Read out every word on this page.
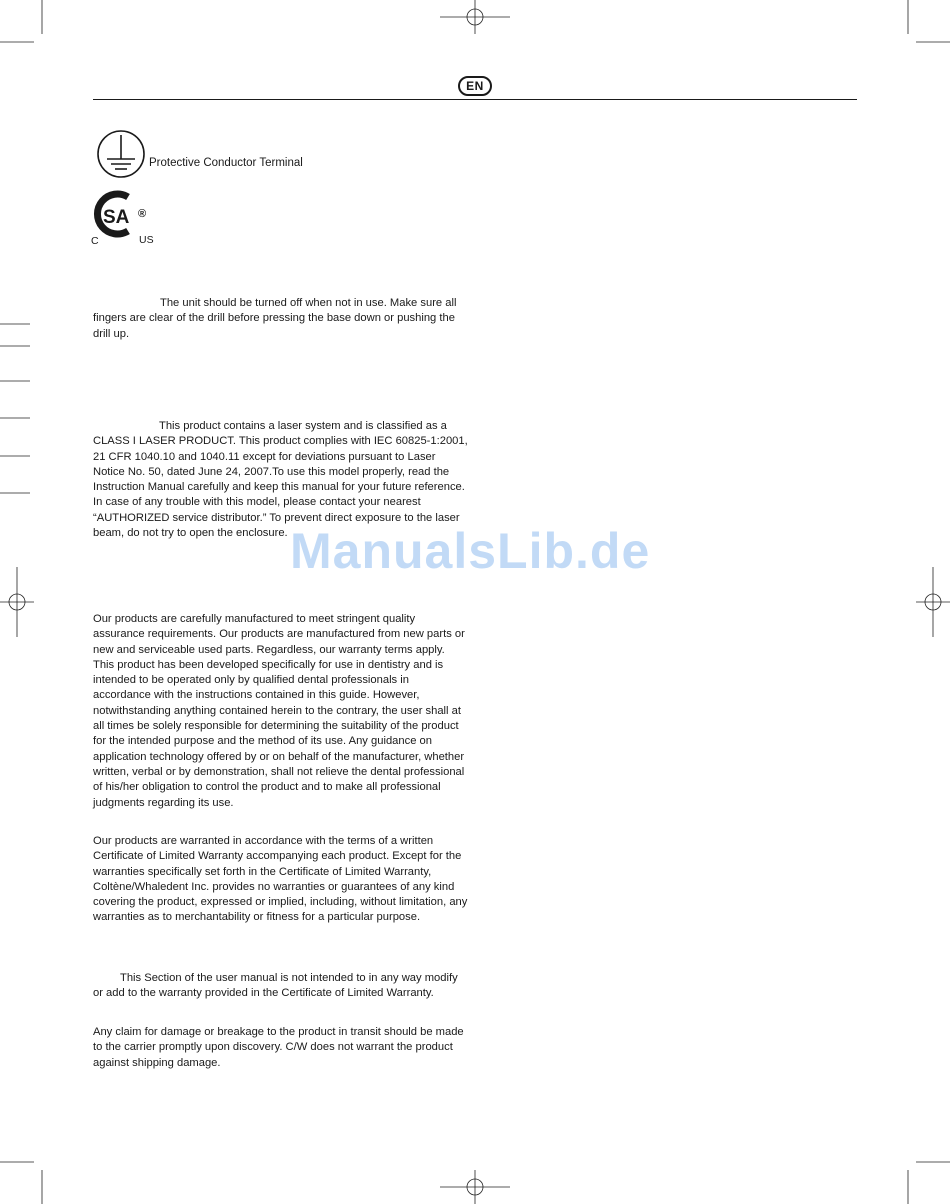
EN
Protective Conductor Terminal
SA ®
C	US

The unit should be turned off when not in use. Make sure all fingers are clear of the drill before pressing the base down or pushing the drill up.

This product contains a laser system and is classified as a CLASS I LASER PRODUCT. This product complies with IEC 60825-1:2001, 21 CFR 1040.10 and 1040.11 except for deviations pursuant to Laser Notice No. 50, dated June 24, 2007.To use this model properly, read the Instruction Manual carefully and keep this manual for your future reference. In case of any trouble with this model, please contact your nearest “AUTHORIZED service distributor.” To prevent direct exposure to the laser beam, do not try to open the enclosure.

Our products are carefully manufactured to meet stringent quality assurance requirements. Our products are manufactured from new parts or new and serviceable used parts. Regardless, our warranty terms apply. This product has been developed specifically for use in dentistry and is intended to be operated only by qualified dental professionals in accordance with the instructions contained in this guide. However, notwithstanding anything contained herein to the contrary, the user shall at all times be solely responsible for determining the suitability of the product for the intended purpose and the method of its use. Any guidance on application technology offered by or on behalf of the manufacturer, whether written, verbal or by demonstration, shall not relieve the dental professional of his/her obligation to control the product and to make all professional judgments regarding its use.

Our products are warranted in accordance with the terms of a written Certificate of Limited Warranty accompanying each product. Except for the warranties specifically set forth in the Certificate of Limited Warranty, Coltène/Whaledent Inc. provides no warranties or guarantees of any kind covering the product, expressed or implied, including, without limitation, any warranties as to merchantability or fitness for a particular purpose.

This Section of the user manual is not intended to in any way modify or add to the warranty provided in the Certificate of Limited Warranty.

Any claim for damage or breakage to the product in transit should be made to the carrier promptly upon discovery. C/W does not warrant the product against shipping damage.

ManualsLib.de
